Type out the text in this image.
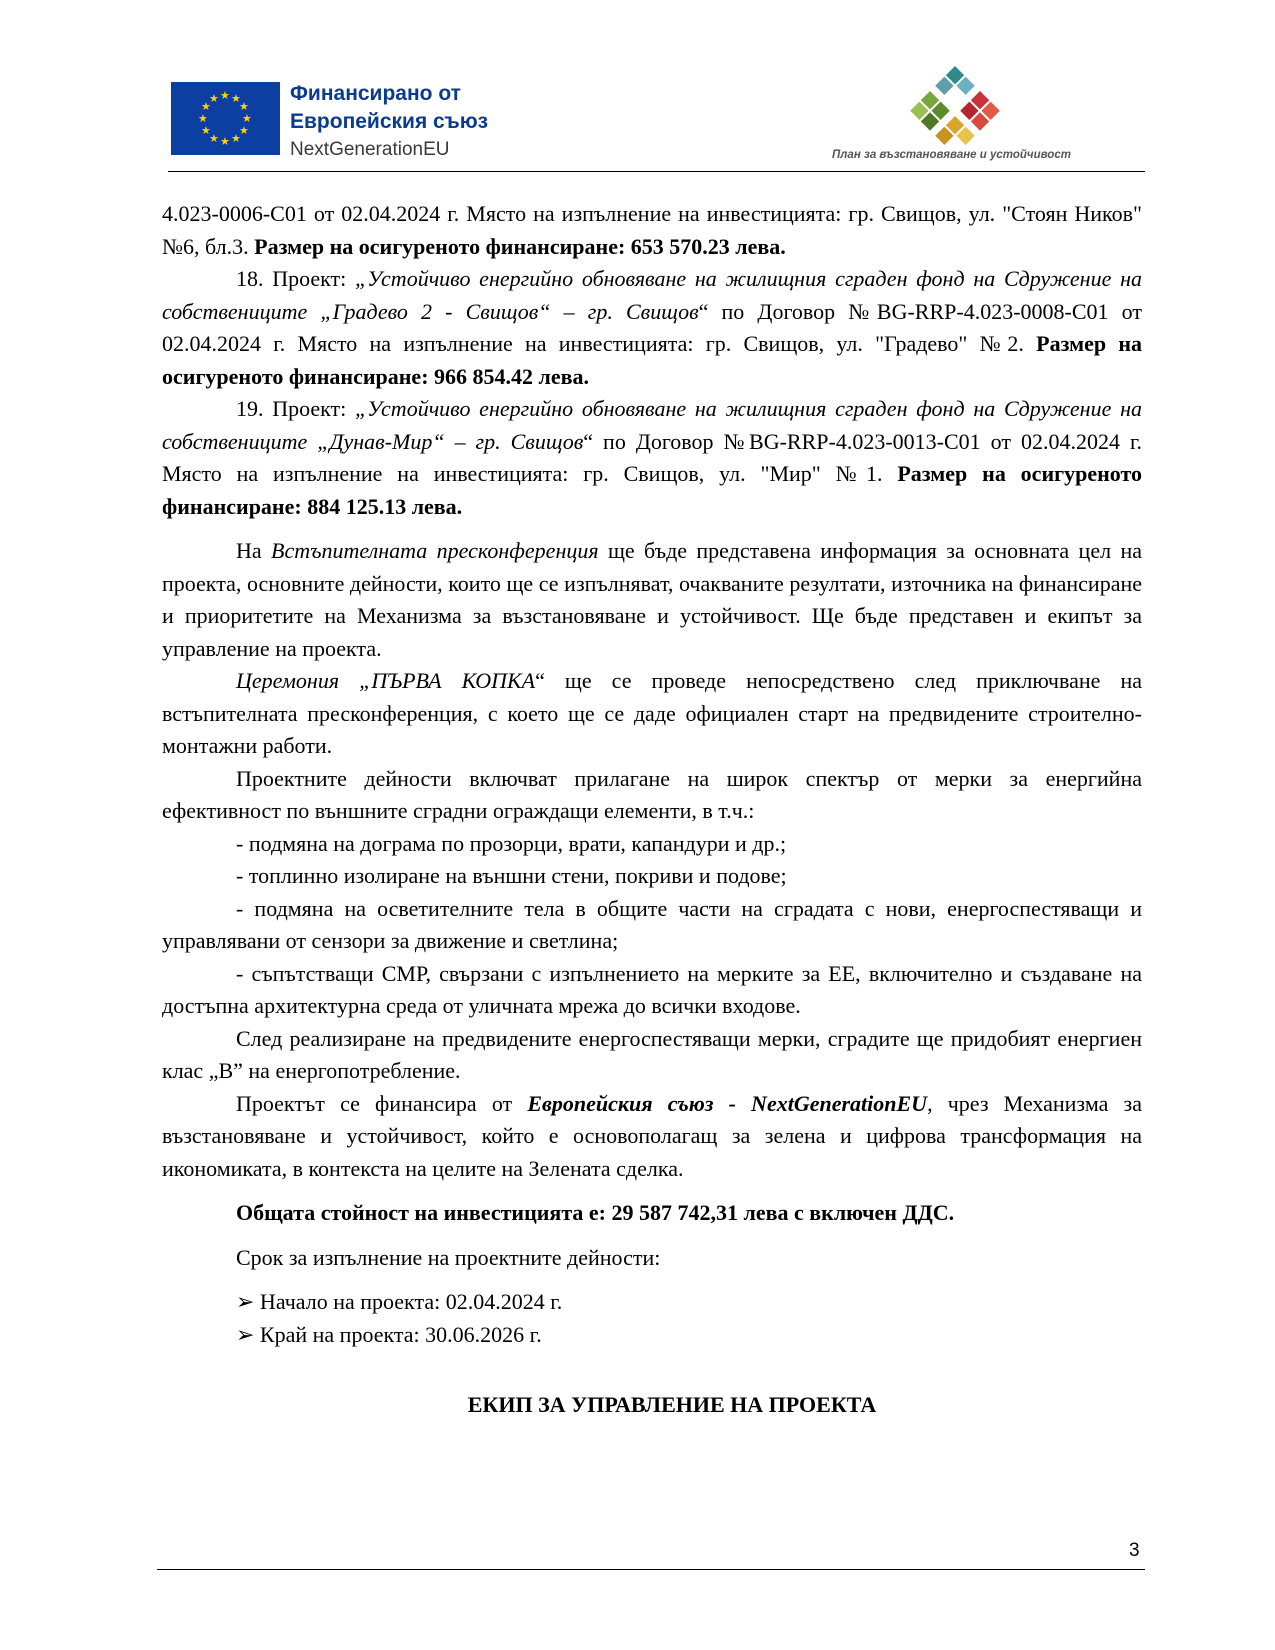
★ ★
★
★
★
★
★
★
★
★
★
★	Финансирано от
Европейския съюз
NextGenerationEU	План за възстановяване и устойчивост

4.023-0006-C01 от 02.04.2024 г. Място на изпълнение на инвестицията: гр. Свищов, ул. "Стоян Ников" №6, бл.3. Размер на осигуреното финансиране: 653 570.23 лева.

18. Проект: „Устойчиво енергийно обновяване на жилищния сграден фонд на Сдружение на собствениците „Градево 2 - Свищов“ – гр. Свищов“ по Договор №BG-RRP-4.023-0008-C01 от 02.04.2024 г. Място на изпълнение на инвестицията: гр. Свищов, ул. "Градево" №2. Размер на осигуреното финансиране: 966 854.42 лева.

19. Проект: „Устойчиво енергийно обновяване на жилищния сграден фонд на Сдружение на собствениците „Дунав-Мир“ – гр. Свищов“ по Договор №BG-RRP-4.023-0013-C01 от 02.04.2024 г. Място на изпълнение на инвестицията: гр. Свищов, ул. "Мир" №1. Размер на осигуреното финансиране: 884 125.13 лева.

На Встъпителната пресконференция ще бъде представена информация за основната цел на проекта, основните дейности, които ще се изпълняват, очакваните резултати, източника на финансиране и приоритетите на Механизма за възстановяване и устойчивост. Ще бъде представен и екипът за управление на проекта.

Церемония „ПЪРВА КОПКА“ ще се проведе непосредствено след приключване на встъпителната пресконференция, с което ще се даде официален старт на предвидените строително-монтажни работи.

Проектните дейности включват прилагане на широк спектър от мерки за енергийна ефективност по външните сградни ограждащи елементи, в т.ч.:

- подмяна на дограма по прозорци, врати, капандури и др.;

- топлинно изолиране на външни стени, покриви и подове;

- подмяна на осветителните тела в общите части на сградата с нови, енергоспестяващи и управлявани от сензори за движение и светлина;

- съпътстващи СМР, свързани с изпълнението на мерките за ЕЕ, включително и създаване на достъпна архитектурна среда от уличната мрежа до всички входове.

След реализиране на предвидените енергоспестяващи мерки, сградите ще придобият енергиен клас „B” на енергопотребление.

Проектът се финансира от Европейския съюз - NextGenerationEU, чрез Механизма за възстановяване и устойчивост, който е основополагащ за зелена и цифрова трансформация на икономиката, в контекста на целите на Зелената сделка.

Общата стойност на инвестицията е: 29 587 742,31 лева с включен ДДС.

Срок за изпълнение на проектните дейности:

➢ Начало на проекта: 02.04.2024 г.

➢ Край на проекта: 30.06.2026 г.

ЕКИП ЗА УПРАВЛЕНИЕ НА ПРОЕКТА

3
